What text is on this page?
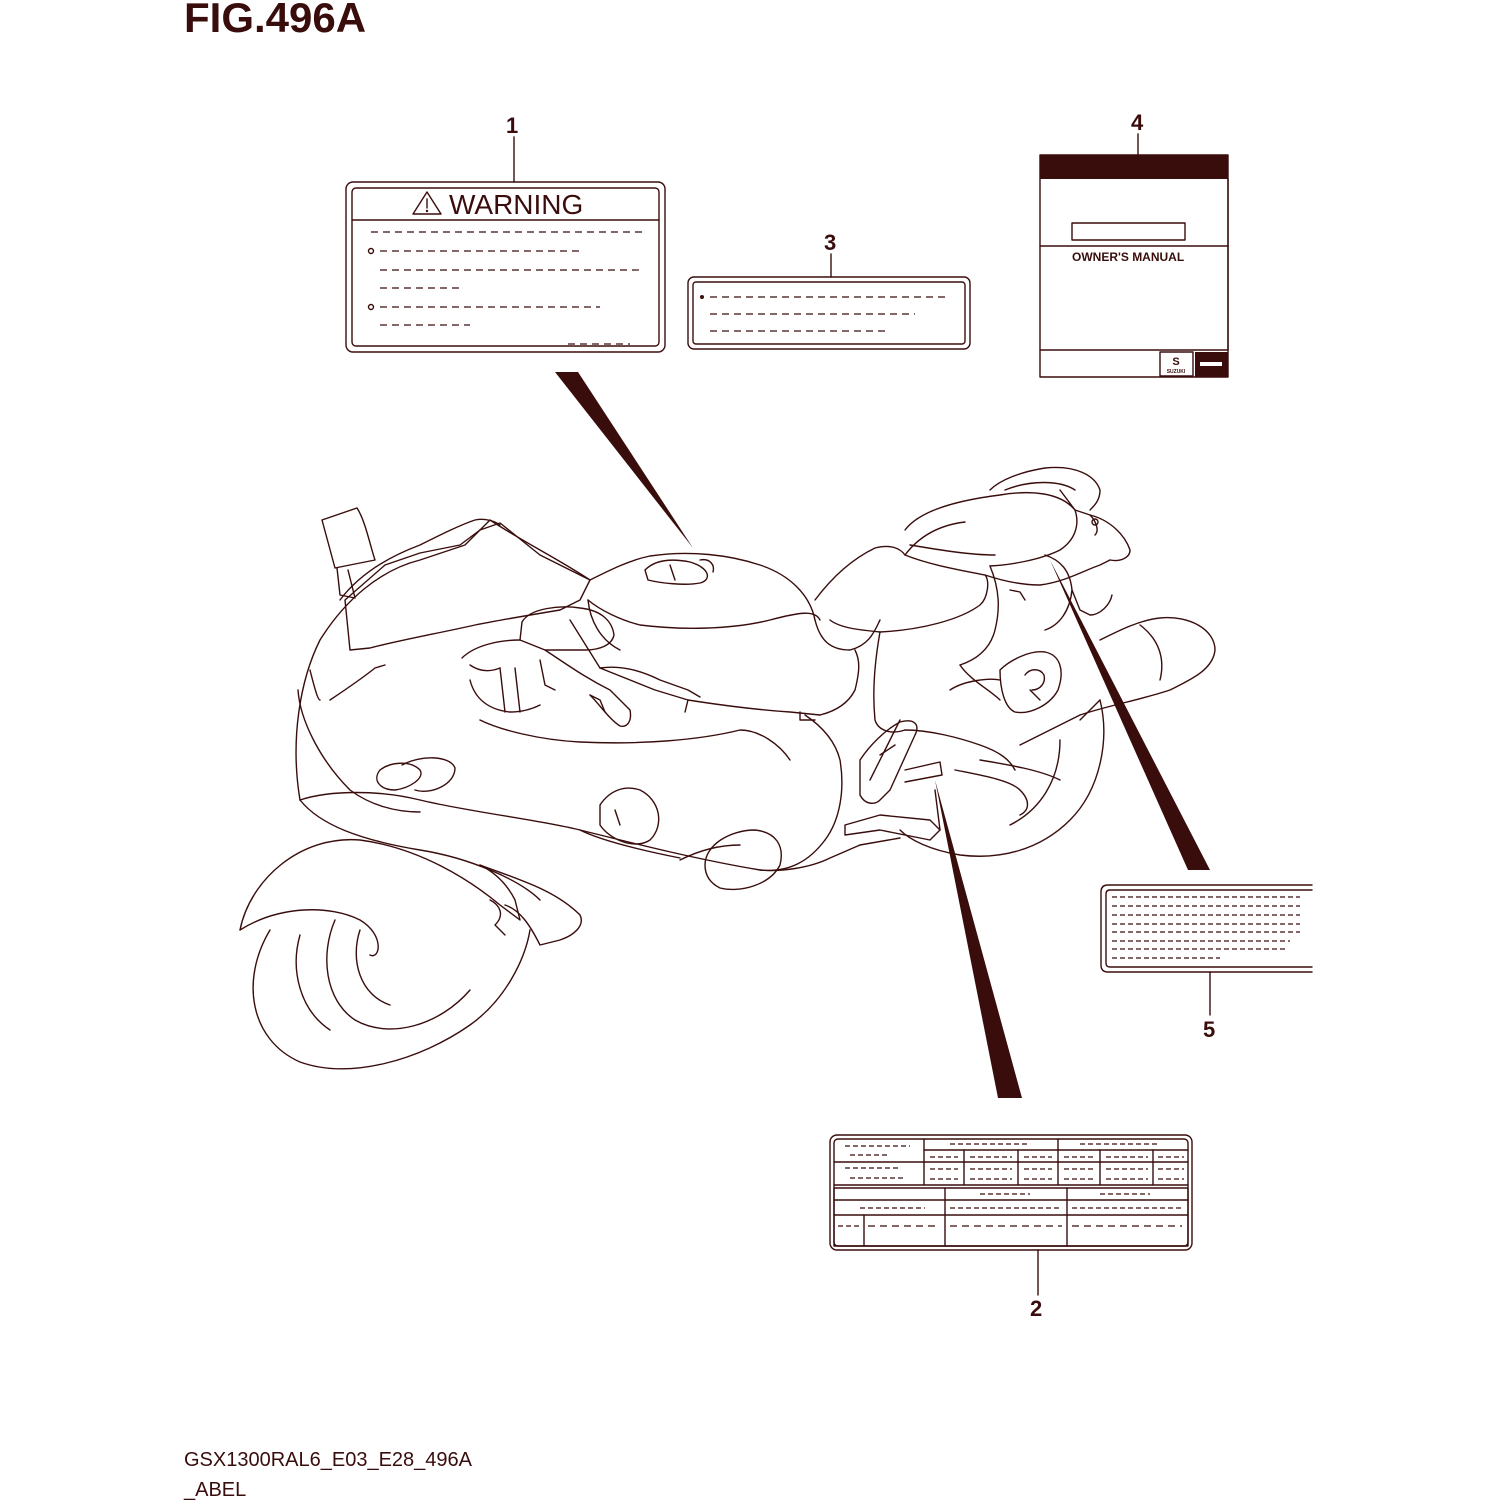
FIG.496A
WARNING
1
3
OWNER'S MANUAL
S
SUZUKI
4
5
2
GSX1300RAL6_E03_E28_496A
_ABEL
